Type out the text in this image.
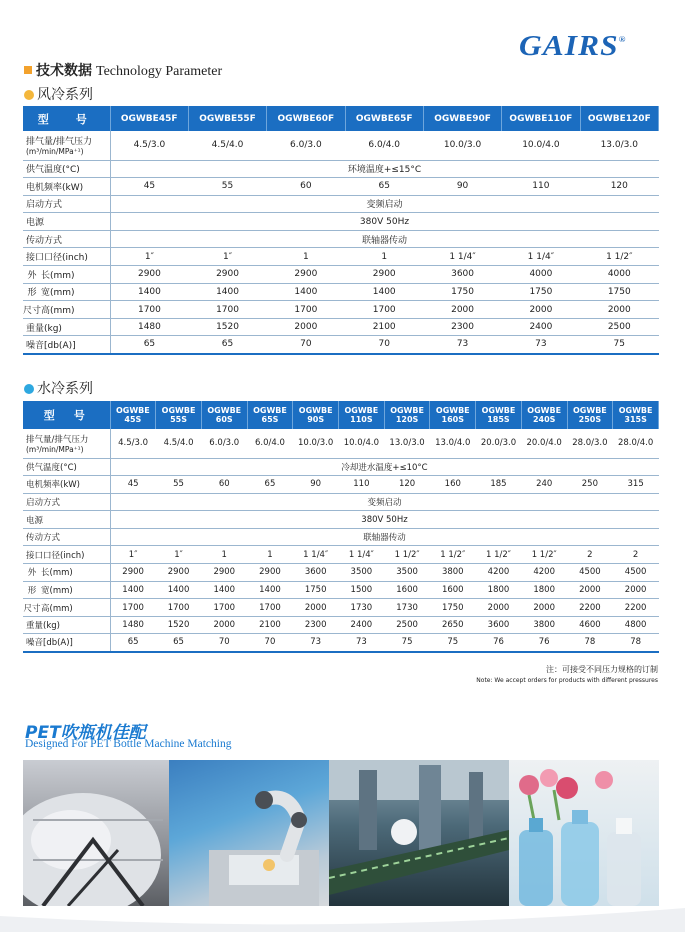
GAIRS®
技术数据 Technology Parameter
风冷系列
型　号	OGWBE45F	OGWBE55F	OGWBE60F	OGWBE65F	OGWBE90F	OGWBE110F	OGWBE120F

排气量/排气压力
(m³/min/MPa⁺¹)	4.5/3.0	4.5/4.0	6.0/3.0	6.0/4.0	10.0/3.0	10.0/4.0	13.0/3.0
供气温度(°C)	环境温度+≤15°C						
电机频率(kW)	45	55	60	65	90	110	120
启动方式	变频启动						
电源	380V 50Hz						
传动方式	联轴器传动						
接口口径(inch)	1″	1″	1	1	1 1/4″	1 1/4″	1 1/2″

外 长(mm)	2900	2900	2900	2900	3600	4000	4000

形 宽(mm)	1400	1400	1400	1400	1750	1750	1750

尺寸 高(mm)	1700	1700	1700	1700	2000	2000	2000
重量(kg)	1480	1520	2000	2100	2300	2400	2500
噪音[db(A)]	65	65	70	70	73	73	75
水冷系列
型　号	OGWBE 45S	OGWBE 55S	OGWBE 60S	OGWBE 65S	OGWBE 90S	OGWBE 110S	OGWBE 120S	OGWBE 160S	OGWBE 185S	OGWBE 240S	OGWBE 250S	OGWBE 315S

排气量/排气压力
(m³/min/MPa⁺¹)	4.5/3.0	4.5/4.0	6.0/3.0	6.0/4.0	10.0/3.0	10.0/4.0	13.0/3.0	13.0/4.0	20.0/3.0	20.0/4.0	28.0/3.0	28.0/4.0
供气温度(°C)	冷却进水温度+≤10°C											
电机频率(kW)	45	55	60	65	90	110	120	160	185	240	250	315
启动方式	变频启动											
电源	380V 50Hz											
传动方式	联轴器传动											
接口口径(inch)	1″	1″	1	1	1 1/4″	1 1/4″	1 1/2″	1 1/2″	1 1/2″	1 1/2″	2	2

外 长(mm)	2900	2900	2900	2900	3600	3500	3500	3800	4200	4200	4500	4500

形 宽(mm)	1400	1400	1400	1400	1750	1500	1600	1600	1800	1800	2000	2000

尺寸 高(mm)	1700	1700	1700	1700	2000	1730	1730	1750	2000	2000	2200	2200
重量(kg)	1480	1520	2000	2100	2300	2400	2500	2650	3600	3800	4600	4800
噪音[db(A)]	65	65	70	70	73	73	75	75	76	76	78	78
注：可接受不同压力规格的订制
Note: We accept orders for products with different pressures
PET吹瓶机佳配
Designed For PET Bottle Machine Matching
